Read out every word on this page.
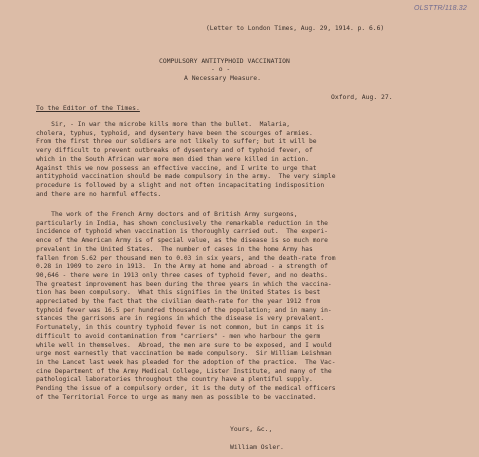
OLSTTR/118.32
(Letter to London Times, Aug. 29, 1914. p. 6.6)
COMPULSORY ANTITYPHOID VACCINATION
- o -
A Necessary Measure.
Oxford, Aug. 27.
To the Editor of the Times.
Sir, - In war the microbe kills more than the bullet.  Malaria,
cholera, typhus, typhoid, and dysentery have been the scourges of armies.
From the first three our soldiers are not likely to suffer; but it will be
very difficult to prevent outbreaks of dysentery and of typhoid fever, of
which in the South African war more men died than were killed in action.
Against this we now possess an effective vaccine, and I write to urge that
antityphoid vaccination should be made compulsory in the army.  The very simple
procedure is followed by a slight and not often incapacitating indisposition
and there are no harmful effects.
The work of the French Army doctors and of British Army surgeons,
particularly in India, has shown conclusively the remarkable reduction in the
incidence of typhoid when vaccination is thoroughly carried out.  The experi-
ence of the American Army is of special value, as the disease is so much more
prevalent in the United States.  The number of cases in the home Army has
fallen from 5.62 per thousand men to 0.03 in six years, and the death-rate from
0.28 in 1909 to zero in 1913.  In the Army at home and abroad - a strength of
90,646 - there were in 1913 only three cases of typhoid fever, and no deaths.
The greatest improvement has been during the three years in which the vaccina-
tion has been compulsory.  What this signifies in the United States is best
appreciated by the fact that the civilian death-rate for the year 1912 from
typhoid fever was 16.5 per hundred thousand of the population; and in many in-
stances the garrisons are in regions in which the disease is very prevalent.
Fortunately, in this country typhoid fever is not common, but in camps it is
difficult to avoid contamination from "carriers" - men who harbour the germ
while well in themselves.  Abroad, the men are sure to be exposed, and I would
urge most earnestly that vaccination be made compulsory.  Sir William Leishman
in the Lancet last week has pleaded for the adoption of the practice.  The Vac-
cine Department of the Army Medical College, Lister Institute, and many of the
pathological laboratories throughout the country have a plentiful supply.
Pending the issue of a compulsory order, it is the duty of the medical officers
of the Territorial Force to urge as many men as possible to be vaccinated.
Yours, &c.,
William Osler.
